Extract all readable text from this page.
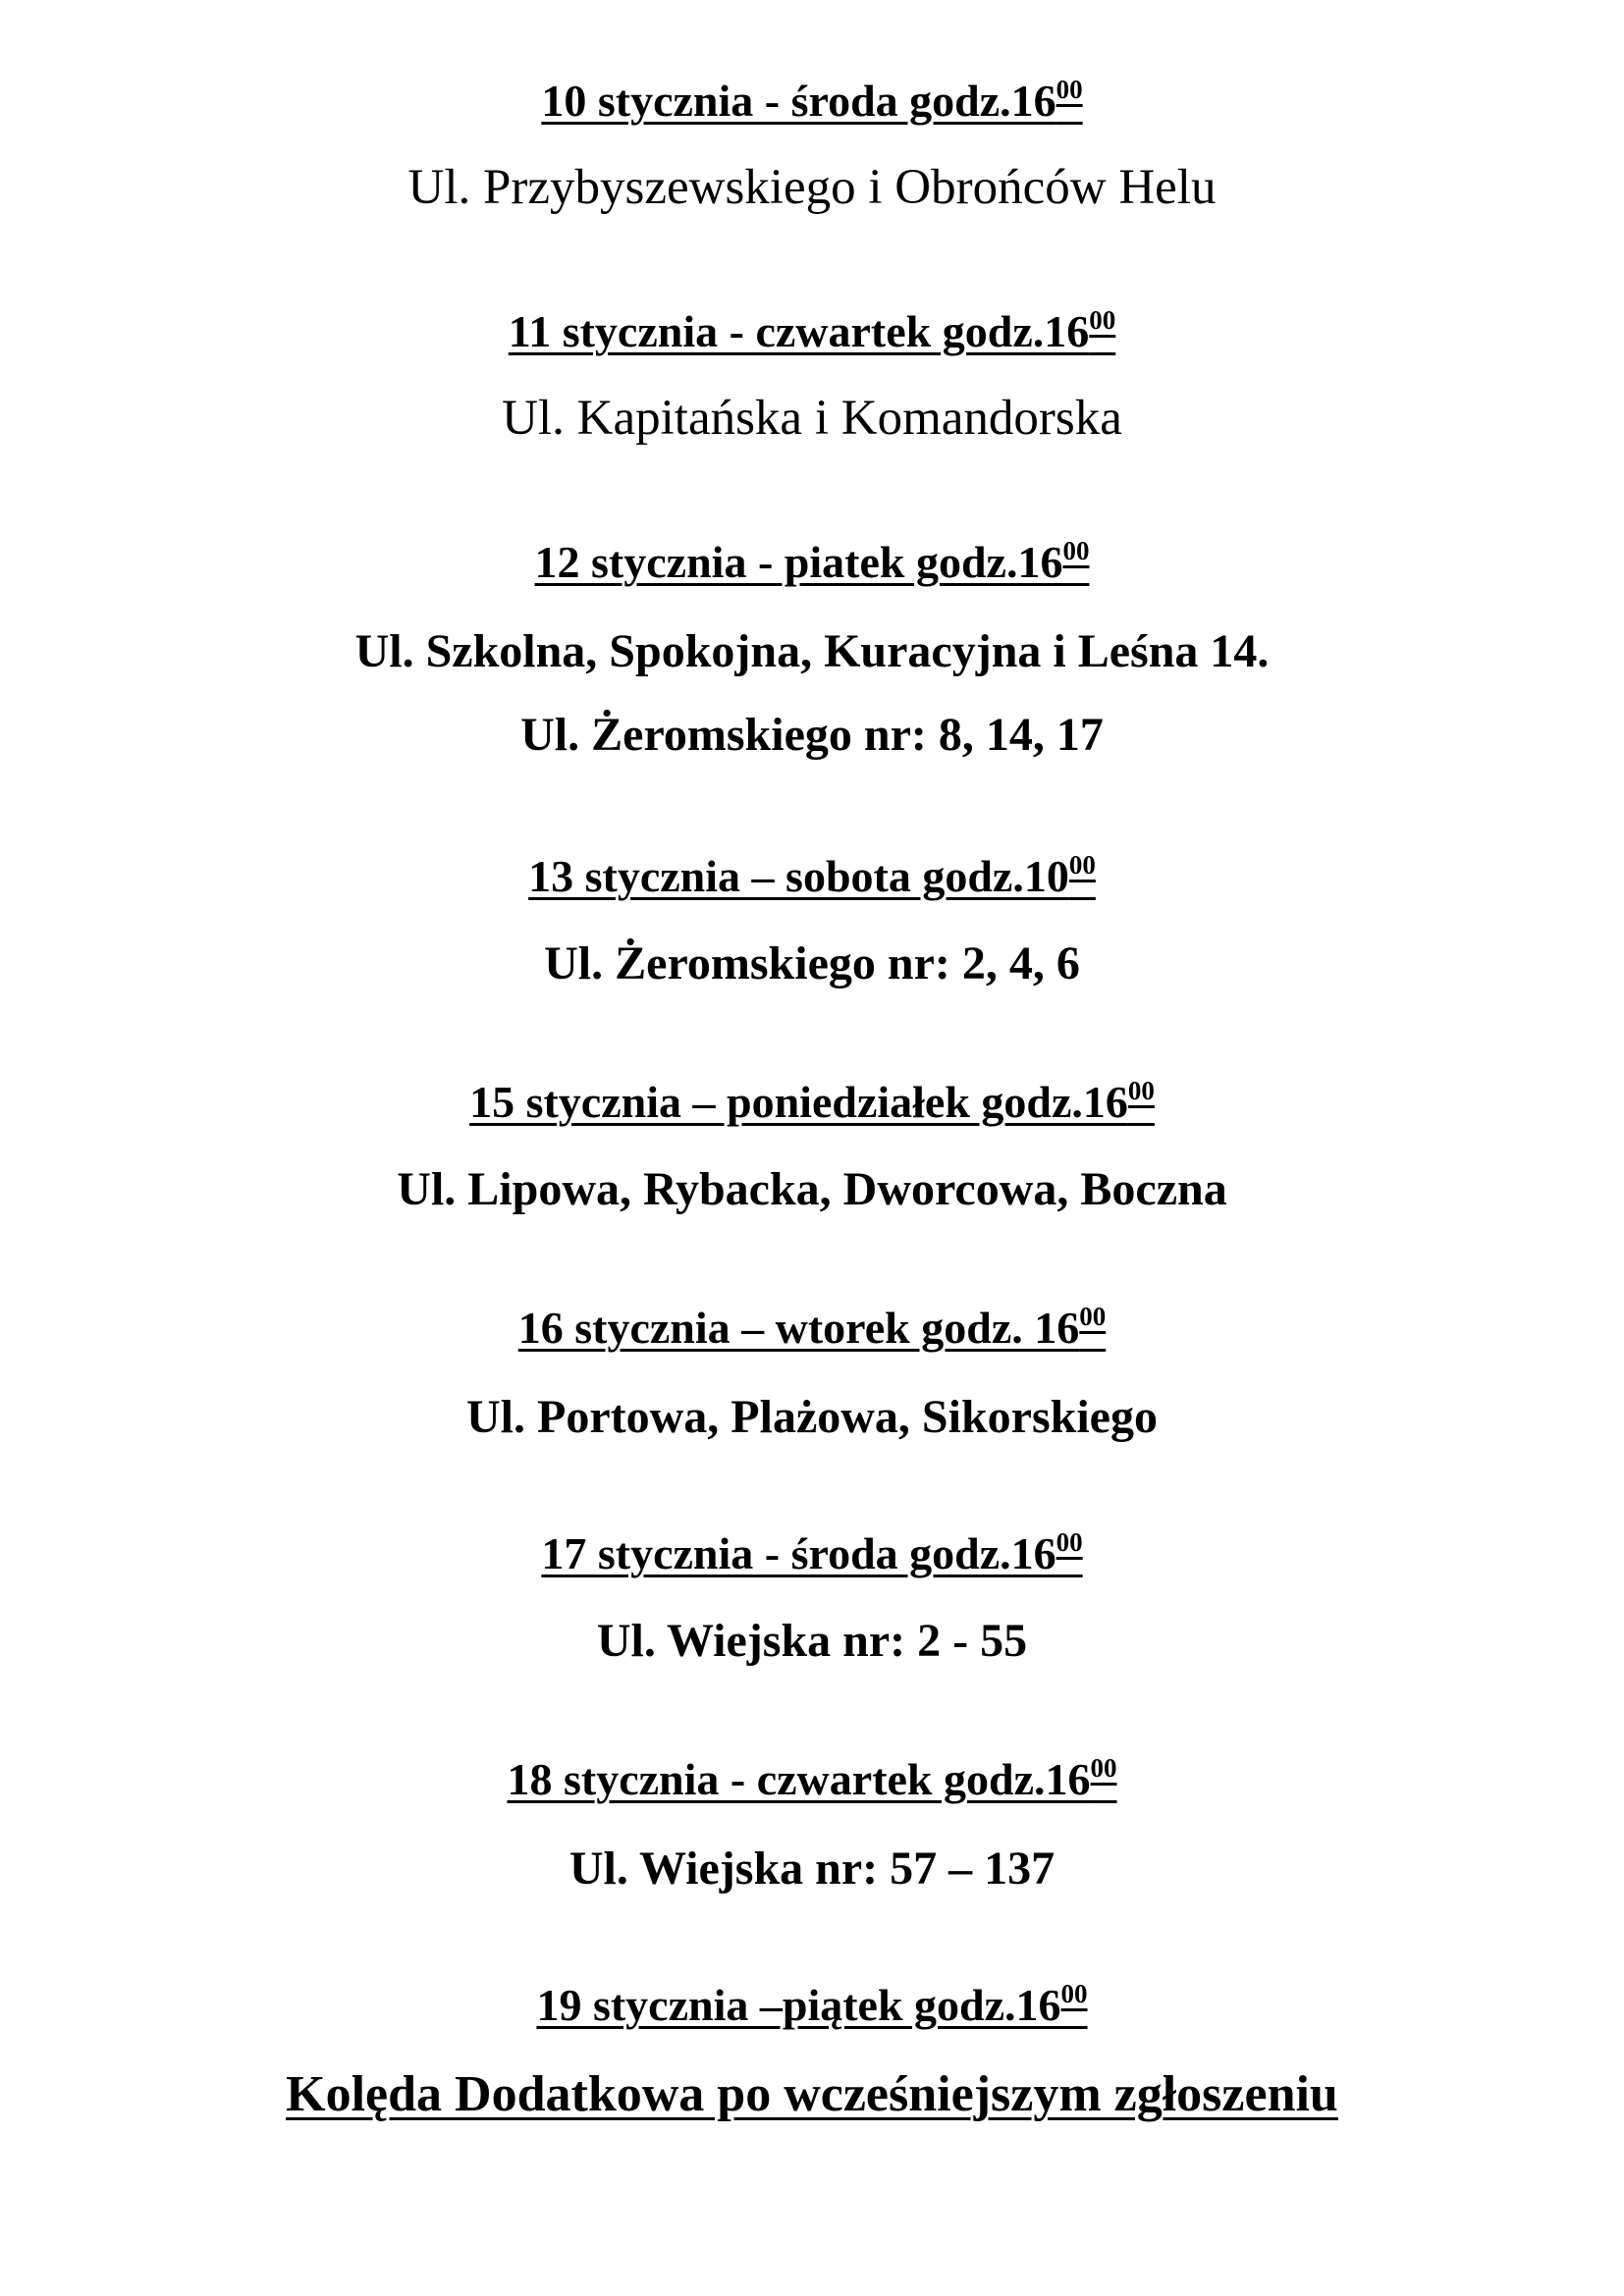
10 stycznia - środa $godz.16^{00}$
Ul. Przybyszewskiego i Obrońców Helu
11 stycznia - czwartek $godz.16^{00}$
Ul. Kapitańska i Komandorska
12 stycznia - piatek $godz.16^{00}$
Ul. Szkolna, Spokojna, Kuracyjna i Leśna 14.
Ul. Żeromskiego nr: 8, 14, 17
13 stycznia – sobota $godz.10^{00}$
Ul. Żeromskiego nr: 2, 4, 6
15 stycznia – poniedziałek $godz.16^{00}$
Ul. Lipowa, Rybacka, Dworcowa, Boczna
16 stycznia – wtorek godz. $16^{00}$
Ul. Portowa, Plażowa, Sikorskiego
17 stycznia - środa $godz.16^{00}$
Ul. Wiejska nr: 2 - 55
18 stycznia - czwartek $godz.16^{00}$
Ul. Wiejska nr: 57 – 137
19 stycznia –piątek $godz.16^{00}$
Kolęda Dodatkowa po wcześniejszym zgłoszeniu
